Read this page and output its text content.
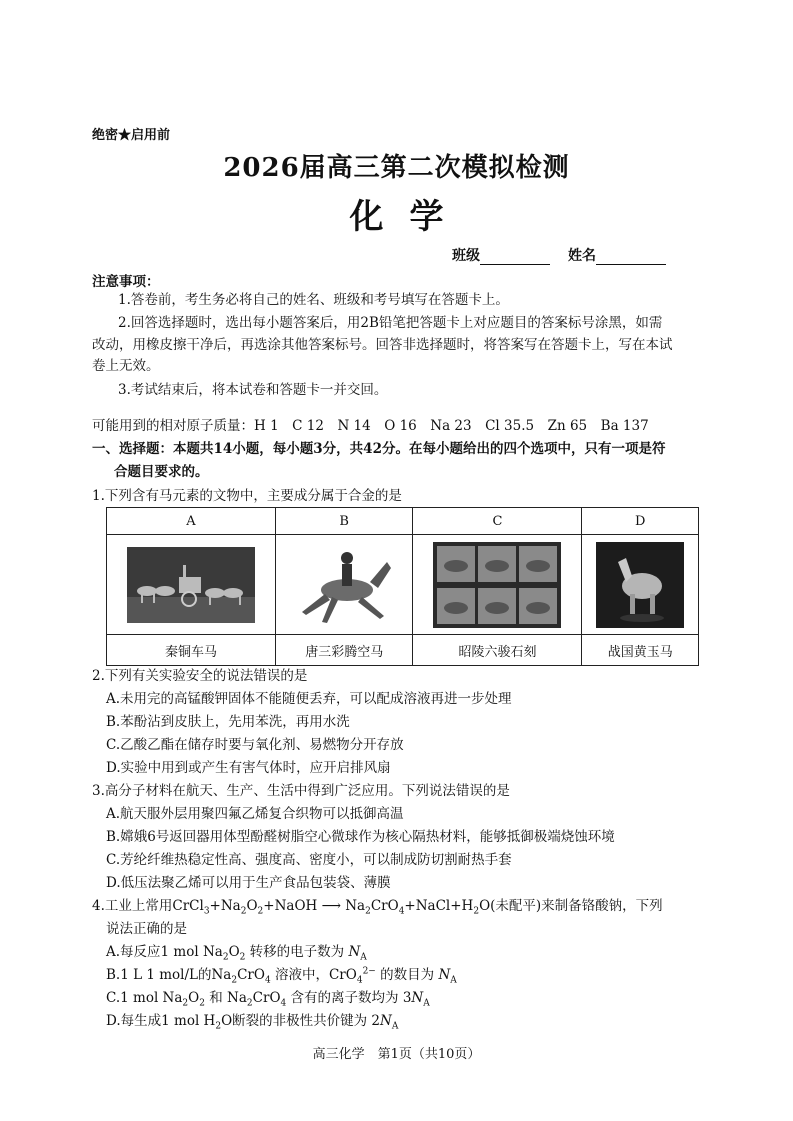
绝密★启用前
2026届高三第二次模拟检测
化学
班级	姓名
注意事项：
1.答卷前，考生务必将自己的姓名、班级和考号填写在答题卡上。
2.回答选择题时，选出每小题答案后，用2B铅笔把答题卡上对应题目的答案标号涂黑，如需
改动，用橡皮擦干净后，再选涂其他答案标号。回答非选择题时，将答案写在答题卡上，写在本试
卷上无效。
3.考试结束后，将本试卷和答题卡一并交回。
可能用到的相对原子质量：H 1　C 12　N 14　O 16　Na 23　Cl 35.5　Zn 65　Ba 137
一、选择题：本题共14小题，每小题3分，共42分。在每小题给出的四个选项中，只有一项是符
合题目要求的。
1.下列含有马元素的文物中，主要成分属于合金的是
A	B	C	D

秦铜车马	唐三彩腾空马	昭陵六骏石刻	战国黄玉马
2.下列有关实验安全的说法错误的是
A.未用完的高锰酸钾固体不能随便丢弃，可以配成溶液再进一步处理
B.苯酚沾到皮肤上，先用苯洗，再用水洗
C.乙酸乙酯在储存时要与氧化剂、易燃物分开存放
D.实验中用到或产生有害气体时，应开启排风扇
3.高分子材料在航天、生产、生活中得到广泛应用。下列说法错误的是
A.航天服外层用聚四氟乙烯复合织物可以抵御高温
B.嫦娥6号返回器用体型酚醛树脂空心微球作为核心隔热材料，能够抵御极端烧蚀环境
C.芳纶纤维热稳定性高、强度高、密度小，可以制成防切割耐热手套
D.低压法聚乙烯可以用于生产食品包装袋、薄膜
4.工业上常用$CrCl_3+Na_2O_2+NaOH$ ⟶ $Na_2CrO_4+NaCl+H_2O$(未配平)来制备铬酸钠，下列
说法正确的是
A.每反应1 mol $Na_2O_2$ 转移的电子数为 $N_A$
B.1 L 1 mol/L的$Na_2CrO_4$ 溶液中，CrO$_4^{2-}$ 的数目为 $N_A$
C.1 mol $Na_2O_2$ 和 $Na_2CrO_4$ 含有的离子数均为 $3N_A$
D.每生成1 mol $H_2O$断裂的非极性共价键为 $2N_A$
高三化学　第1页（共10页）
